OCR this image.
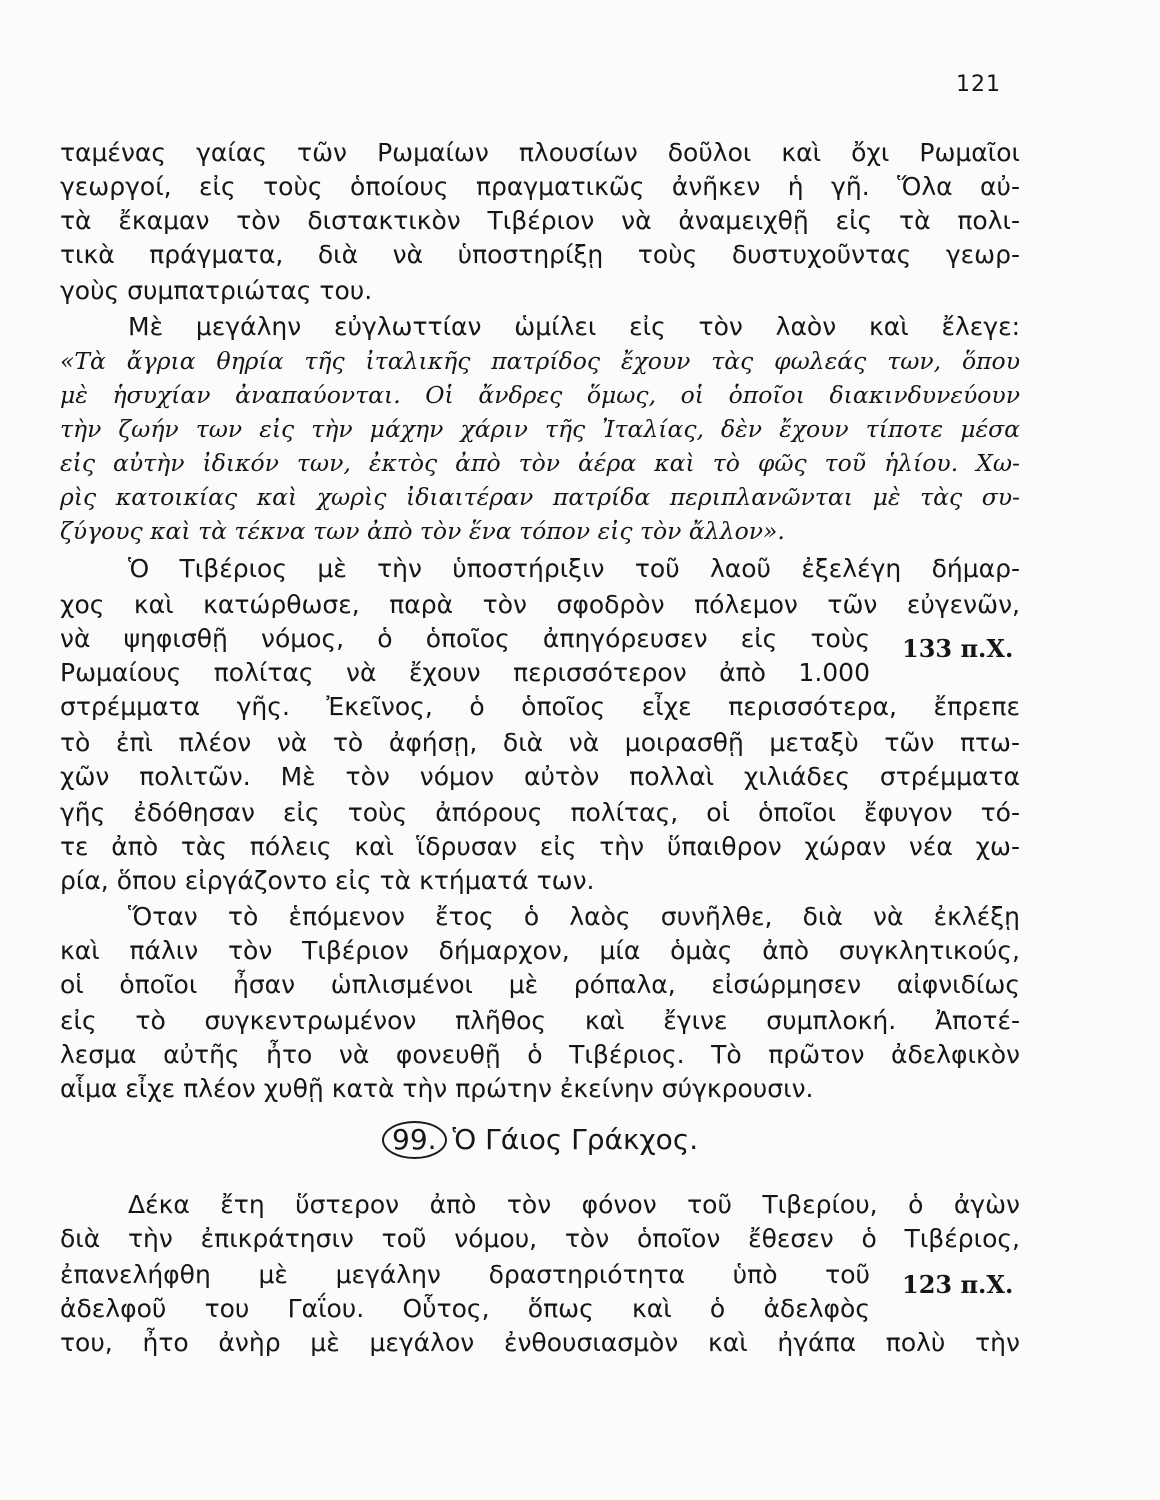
121
ταμένας γαίας τῶν Ρωμαίων πλουσίων δοῦλοι καὶ ὄχι Ρωμαῖοι
γεωργοί, εἰς τοὺς ὁποίους πραγματικῶς ἀνῆκεν ἡ γῆ. Ὅλα αὐ-
τὰ ἔκαμαν τὸν διστακτικὸν Τιβέριον νὰ ἀναμειχθῇ εἰς τὰ πολι-
τικὰ πράγματα, διὰ νὰ ὑποστηρίξῃ τοὺς δυστυχοῦντας γεωρ-
γοὺς συμπατριώτας του.
Μὲ μεγάλην εὐγλωττίαν ὡμίλει εἰς τὸν λαὸν καὶ ἔλεγε:
«Τὰ ἄγρια θηρία τῆς ἰταλικῆς πατρίδος ἔχουν τὰς φωλεάς των, ὅπου
μὲ ἡσυχίαν ἀναπαύονται. Οἱ ἄνδρες ὅμως, οἱ ὁποῖοι διακινδυνεύουν
τὴν ζωήν των εἰς τὴν μάχην χάριν τῆς Ἰταλίας, δὲν ἔχουν τίποτε μέσα
εἰς αὐτὴν ἰδικόν των, ἐκτὸς ἀπὸ τὸν ἀέρα καὶ τὸ φῶς τοῦ ἡλίου. Χω-
ρὶς κατοικίας καὶ χωρὶς ἰδιαιτέραν πατρίδα περιπλανῶνται μὲ τὰς συ-
ζύγους καὶ τὰ τέκνα των ἀπὸ τὸν ἕνα τόπον εἰς τὸν ἄλλον».
Ὁ Τιβέριος μὲ τὴν ὑποστήριξιν τοῦ λαοῦ ἐξελέγη δήμαρ-
χος καὶ κατώρθωσε, παρὰ τὸν σφοδρὸν πόλεμον τῶν εὐγενῶν,
νὰ ψηφισθῇ νόμος, ὁ ὁποῖος ἀπηγόρευσεν εἰς τοὺς
Ρωμαίους πολίτας νὰ ἔχουν περισσότερον ἀπὸ 1.000
133 π.Χ.
στρέμματα γῆς. Ἐκεῖνος, ὁ ὁποῖος εἶχε περισσότερα, ἔπρεπε
τὸ ἐπὶ πλέον νὰ τὸ ἀφήσῃ, διὰ νὰ μοιρασθῇ μεταξὺ τῶν πτω-
χῶν πολιτῶν. Μὲ τὸν νόμον αὐτὸν πολλαὶ χιλιάδες στρέμματα
γῆς ἐδόθησαν εἰς τοὺς ἀπόρους πολίτας, οἱ ὁποῖοι ἔφυγον τό-
τε ἀπὸ τὰς πόλεις καὶ ἵδρυσαν εἰς τὴν ὕπαιθρον χώραν νέα χω-
ρία, ὅπου εἰργάζοντο εἰς τὰ κτήματά των.
Ὅταν τὸ ἑπόμενον ἔτος ὁ λαὸς συνῆλθε, διὰ νὰ ἐκλέξῃ
καὶ πάλιν τὸν Τιβέριον δήμαρχον, μία ὁμὰς ἀπὸ συγκλητικούς,
οἱ ὁποῖοι ἦσαν ὡπλισμένοι μὲ ρόπαλα, εἰσώρμησεν αἰφνιδίως
εἰς τὸ συγκεντρωμένον πλῆθος καὶ ἔγινε συμπλοκή. Ἀποτέ-
λεσμα αὐτῆς ἦτο νὰ φονευθῇ ὁ Τιβέριος. Τὸ πρῶτον ἀδελφικὸν
αἷμα εἶχε πλέον χυθῇ κατὰ τὴν πρώτην ἐκείνην σύγκρουσιν.
99. Ὁ Γάιος Γράκχος.
Δέκα ἔτη ὕστερον ἀπὸ τὸν φόνον τοῦ Τιβερίου, ὁ ἀγὼν
διὰ τὴν ἐπικράτησιν τοῦ νόμου, τὸν ὁποῖον ἔθεσεν ὁ Τιβέριος,
ἐπανελήφθη μὲ μεγάλην δραστηριότητα ὑπὸ τοῦ 123 π.Χ.
ἀδελφοῦ του Γαΐου. Οὗτος, ὅπως καὶ ὁ ἀδελφὸς
του, ἦτο ἀνὴρ μὲ μεγάλον ἐνθουσιασμὸν καὶ ἠγάπα πολὺ τὴν
